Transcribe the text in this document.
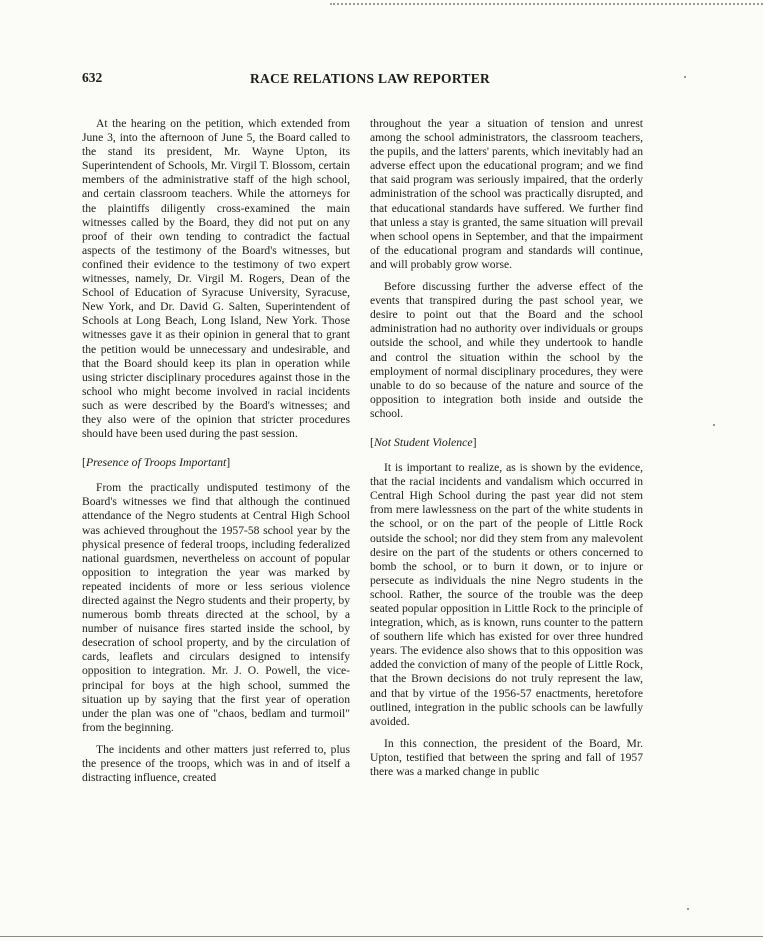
632	RACE RELATIONS LAW REPORTER

At the hearing on the petition, which extended from June 3, into the afternoon of June 5, the Board called to the stand its president, Mr. Wayne Upton, its Superintendent of Schools, Mr. Virgil T. Blossom, certain members of the administrative staff of the high school, and certain classroom teachers. While the attorneys for the plaintiffs diligently cross-examined the main witnesses called by the Board, they did not put on any proof of their own tending to contradict the factual aspects of the testimony of the Board's witnesses, but confined their evidence to the testimony of two expert witnesses, namely, Dr. Virgil M. Rogers, Dean of the School of Education of Syracuse University, Syracuse, New York, and Dr. David G. Salten, Superintendent of Schools at Long Beach, Long Island, New York. Those witnesses gave it as their opinion in general that to grant the petition would be unnecessary and undesirable, and that the Board should keep its plan in operation while using stricter disciplinary procedures against those in the school who might become involved in racial incidents such as were described by the Board's witnesses; and they also were of the opinion that stricter procedures should have been used during the past session.

[Presence of Troops Important]

From the practically undisputed testimony of the Board's witnesses we find that although the continued attendance of the Negro students at Central High School was achieved throughout the 1957-58 school year by the physical presence of federal troops, including federalized national guardsmen, nevertheless on account of popular opposition to integration the year was marked by repeated incidents of more or less serious violence directed against the Negro students and their property, by numerous bomb threats directed at the school, by a number of nuisance fires started inside the school, by desecration of school property, and by the circulation of cards, leaflets and circulars designed to intensify opposition to integration. Mr. J. O. Powell, the vice-principal for boys at the high school, summed the situation up by saying that the first year of operation under the plan was one of "chaos, bedlam and turmoil" from the beginning.

The incidents and other matters just referred to, plus the presence of the troops, which was in and of itself a distracting influence, created

throughout the year a situation of tension and unrest among the school administrators, the classroom teachers, the pupils, and the latters' parents, which inevitably had an adverse effect upon the educational program; and we find that said program was seriously impaired, that the orderly administration of the school was practically disrupted, and that educational standards have suffered. We further find that unless a stay is granted, the same situation will prevail when school opens in September, and that the impairment of the educational program and standards will continue, and will probably grow worse.

Before discussing further the adverse effect of the events that transpired during the past school year, we desire to point out that the Board and the school administration had no authority over individuals or groups outside the school, and while they undertook to handle and control the situation within the school by the employment of normal disciplinary procedures, they were unable to do so because of the nature and source of the opposition to integration both inside and outside the school.

[Not Student Violence]

It is important to realize, as is shown by the evidence, that the racial incidents and vandalism which occurred in Central High School during the past year did not stem from mere lawlessness on the part of the white students in the school, or on the part of the people of Little Rock outside the school; nor did they stem from any malevolent desire on the part of the students or others concerned to bomb the school, or to burn it down, or to injure or persecute as individuals the nine Negro students in the school. Rather, the source of the trouble was the deep seated popular opposition in Little Rock to the principle of integration, which, as is known, runs counter to the pattern of southern life which has existed for over three hundred years. The evidence also shows that to this opposition was added the conviction of many of the people of Little Rock, that the Brown decisions do not truly represent the law, and that by virtue of the 1956-57 enactments, heretofore outlined, integration in the public schools can be lawfully avoided.

In this connection, the president of the Board, Mr. Upton, testified that between the spring and fall of 1957 there was a marked change in public
